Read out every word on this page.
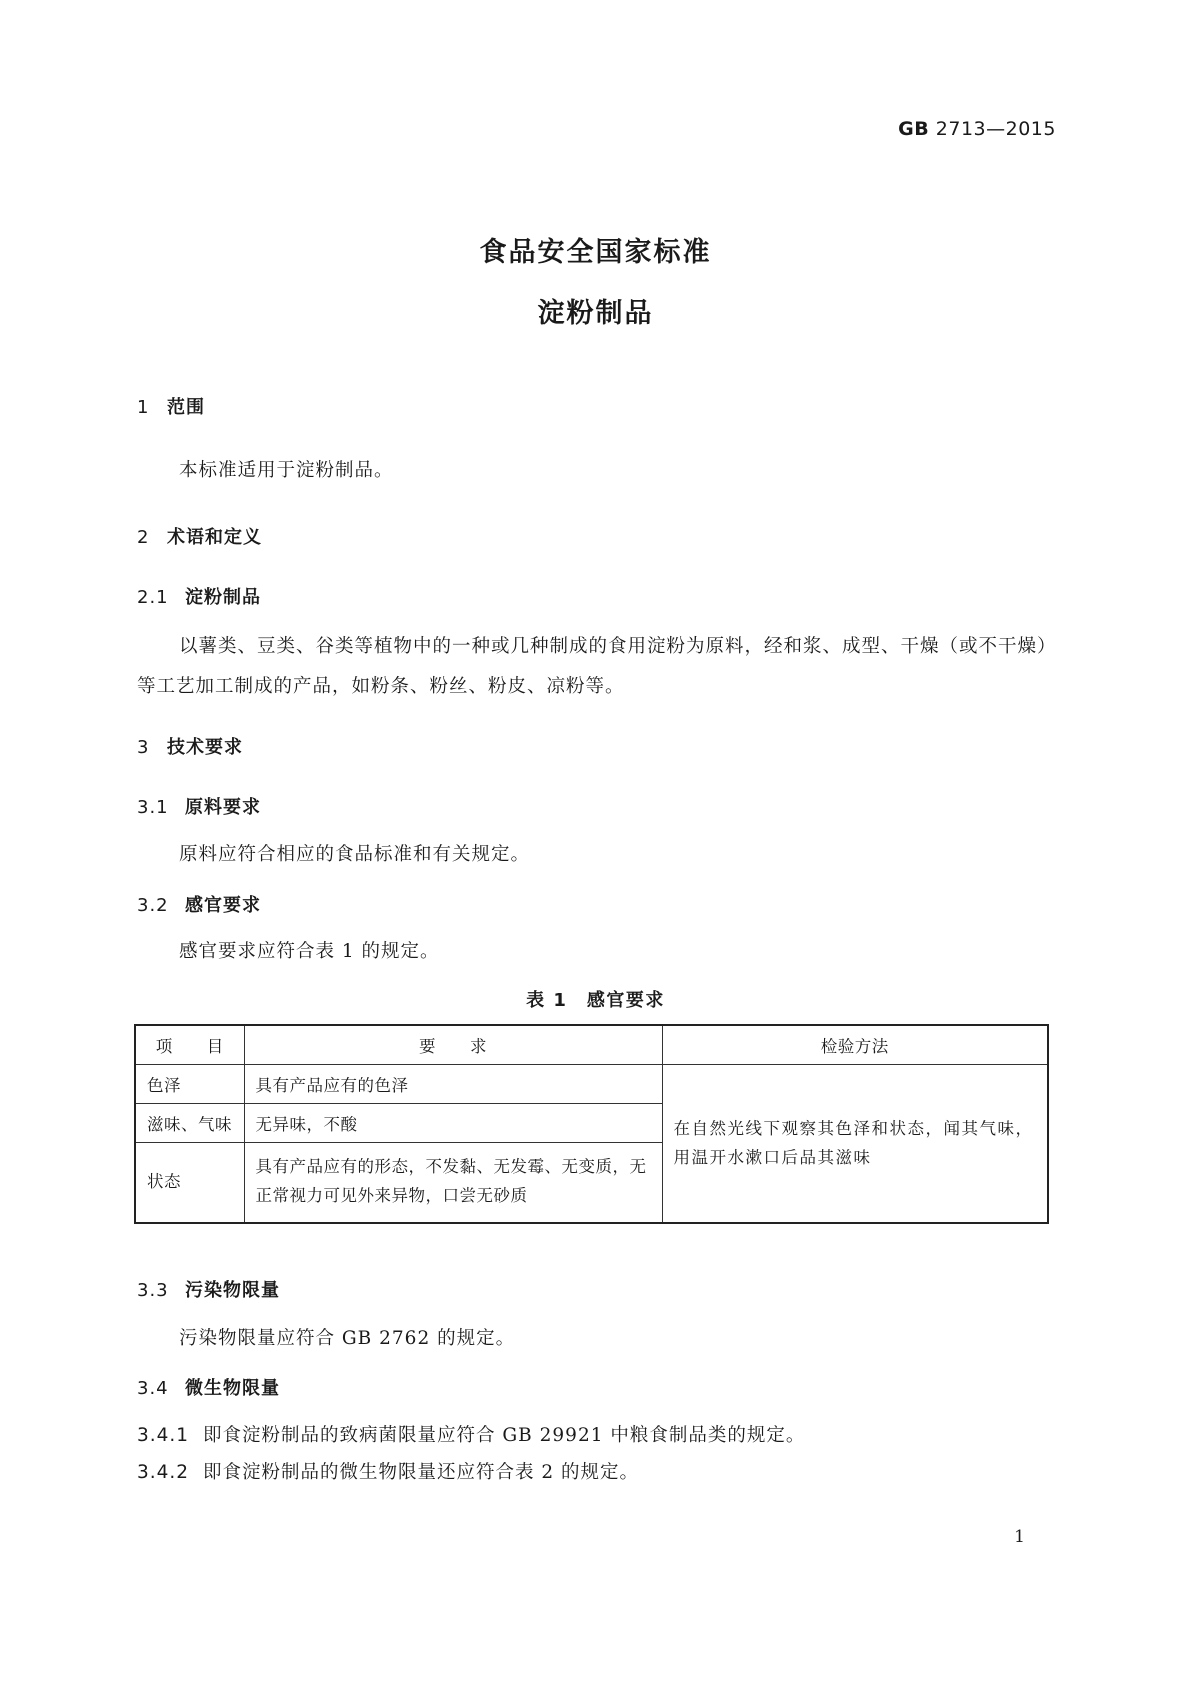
GB 2713—2015
食品安全国家标准
淀粉制品
1 范围
本标准适用于淀粉制品。
2 术语和定义
2.1 淀粉制品
以薯类、豆类、谷类等植物中的一种或几种制成的食用淀粉为原料，经和浆、成型、干燥（或不干燥）
等工艺加工制成的产品，如粉条、粉丝、粉皮、凉粉等。
3 技术要求
3.1 原料要求
原料应符合相应的食品标准和有关规定。
3.2 感官要求
感官要求应符合表 1 的规定。
表 1　感官要求
项　　目	要　　求	检验方法
色泽	具有产品应有的色泽	在自然光线下观察其色泽和状态，闻其气味，用温开水漱口后品其滋味
滋味、气味	无异味，不酸	
状态	具有产品应有的形态，不发黏、无发霉、无变质，无正常视力可见外来异物，口尝无砂质	
3.3 污染物限量
污染物限量应符合 GB 2762 的规定。
3.4 微生物限量
3.4.1 即食淀粉制品的致病菌限量应符合 GB 29921 中粮食制品类的规定。
3.4.2 即食淀粉制品的微生物限量还应符合表 2 的规定。
1
